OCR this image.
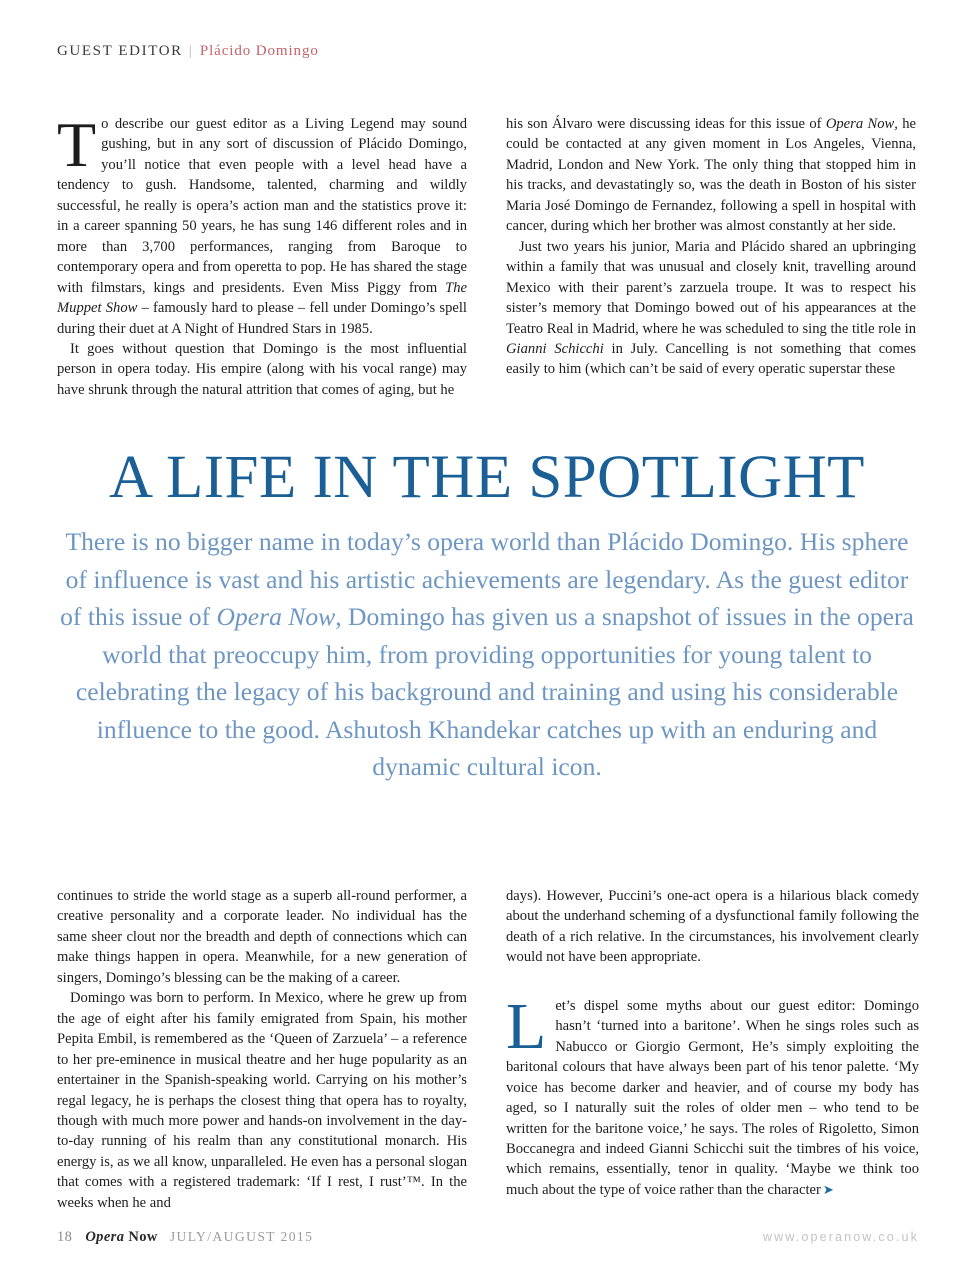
GUEST EDITOR | Plácido Domingo

To describe our guest editor as a Living Legend may sound gushing, but in any sort of discussion of Plácido Domingo, you’ll notice that even people with a level head have a tendency to gush. Handsome, talented, charming and wildly successful, he really is opera’s action man and the statistics prove it: in a career spanning 50 years, he has sung 146 different roles and in more than 3,700 performances, ranging from Baroque to contemporary opera and from operetta to pop. He has shared the stage with filmstars, kings and presidents. Even Miss Piggy from The Muppet Show – famously hard to please – fell under Domingo’s spell during their duet at A Night of Hundred Stars in 1985.

It goes without question that Domingo is the most influential person in opera today. His empire (along with his vocal range) may have shrunk through the natural attrition that comes of aging, but he

his son Álvaro were discussing ideas for this issue of Opera Now, he could be contacted at any given moment in Los Angeles, Vienna, Madrid, London and New York. The only thing that stopped him in his tracks, and devastatingly so, was the death in Boston of his sister Maria José Domingo de Fernandez, following a spell in hospital with cancer, during which her brother was almost constantly at her side.

Just two years his junior, Maria and Plácido shared an upbringing within a family that was unusual and closely knit, travelling around Mexico with their parent’s zarzuela troupe. It was to respect his sister’s memory that Domingo bowed out of his appearances at the Teatro Real in Madrid, where he was scheduled to sing the title role in Gianni Schicchi in July. Cancelling is not something that comes easily to him (which can’t be said of every operatic superstar these

A LIFE IN THE SPOTLIGHT
There is no bigger name in today’s opera world than Plácido Domingo. His sphere of influence is vast and his artistic achievements are legendary. As the guest editor of this issue of Opera Now, Domingo has given us a snapshot of issues in the opera world that preoccupy him, from providing opportunities for young talent to celebrating the legacy of his background and training and using his considerable influence to the good. Ashutosh Khandekar catches up with an enduring and dynamic cultural icon.

continues to stride the world stage as a superb all-round performer, a creative personality and a corporate leader. No individual has the same sheer clout nor the breadth and depth of connections which can make things happen in opera. Meanwhile, for a new generation of singers, Domingo’s blessing can be the making of a career.

Domingo was born to perform. In Mexico, where he grew up from the age of eight after his family emigrated from Spain, his mother Pepita Embil, is remembered as the ‘Queen of Zarzuela’ – a reference to her pre-eminence in musical theatre and her huge popularity as an entertainer in the Spanish-speaking world. Carrying on his mother’s regal legacy, he is perhaps the closest thing that opera has to royalty, though with much more power and hands-on involvement in the day-to-day running of his realm than any constitutional monarch. His energy is, as we all know, unparalleled. He even has a personal slogan that comes with a registered trademark: ‘If I rest, I rust’™. In the weeks when he and

days). However, Puccini’s one-act opera is a hilarious black comedy about the underhand scheming of a dysfunctional family following the death of a rich relative. In the circumstances, his involvement clearly would not have been appropriate.

Let’s dispel some myths about our guest editor: Domingo hasn’t ‘turned into a baritone’. When he sings roles such as Nabucco or Giorgio Germont, He’s simply exploiting the baritonal colours that have always been part of his tenor palette. ‘My voice has become darker and heavier, and of course my body has aged, so I naturally suit the roles of older men – who tend to be written for the baritone voice,’ he says. The roles of Rigoletto, Simon Boccanegra and indeed Gianni Schicchi suit the timbres of his voice, which remains, essentially, tenor in quality. ‘Maybe we think too much about the type of voice rather than the character ➤

18 Opera Now JULY/AUGUST 2015	www.operanow.co.uk
